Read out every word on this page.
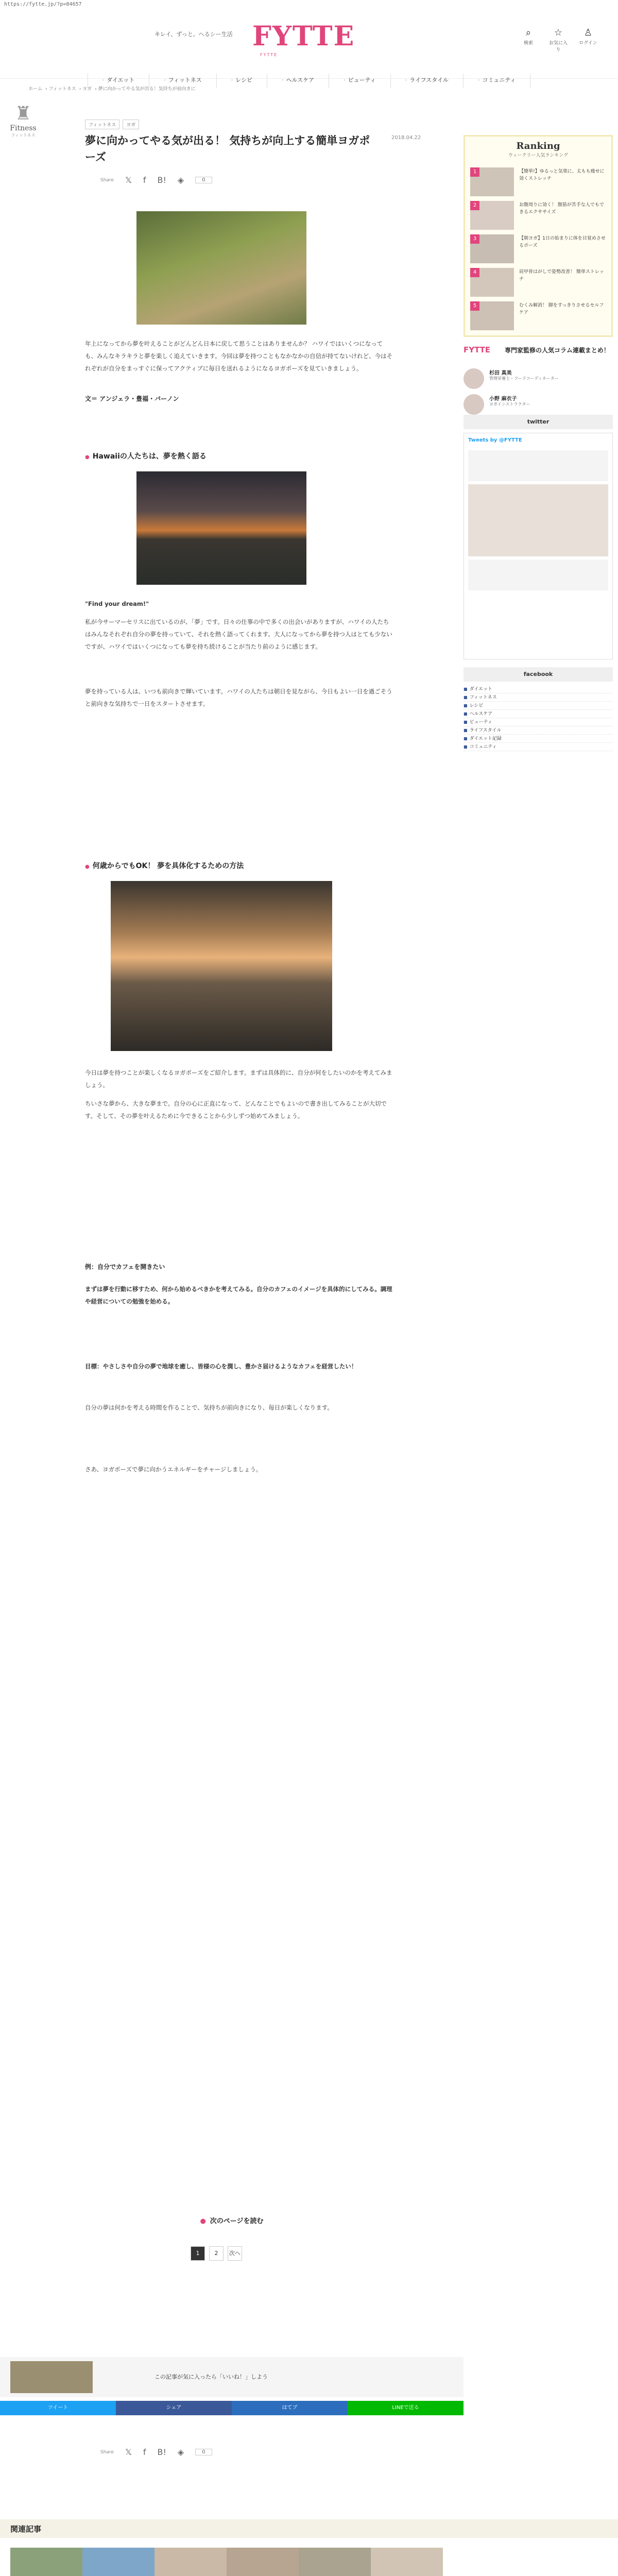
https://fytte.jp/?p=84657
キレイ、ずっと。へるシー生活 FYTTE
FYTTE
⌕
検索
☆
お気に入り
♙
ログイン
· ダイエット	· フィットネス	· レシピ	· ヘルスケア	· ビューティ	· ライフスタイル	· コミュニティ
ホーム › フィットネス › ヨガ › 夢に向かってやる気が出る！気持ちが前向きに
♜
Fitness
フィットネス
フィットネス	ヨガ
夢に向かってやる気が出る！ 気持ちが向上する簡単ヨガポーズ
2018.04.22
Share 𝕏 f B! ◈	0
年上になってから夢を叶えることがどんどん日本に戻して思うことはありませんか？ ハワイではいくつになっても、みんなキラキラと夢を楽しく追えていきます。今回は夢を持つこともなかなかの自信が持てないけれど、今はそれぞれが自分をまっすぐに保ってアクティブに毎日を送れるようになるヨガポーズを見ていきましょう。
文＝ アンジェラ・豊福・バーノン
● Hawaiiの人たちは、夢を熱く語る
"Find your dream!"
私が今サーマーセリスに出ているのが、「夢」です。日々の仕事の中で多くの出会いがありますが、ハワイの人たちはみんなそれぞれ自分の夢を持っていて、それを熱く語ってくれます。大人になってから夢を持つ人はとても少ないですが、ハワイではいくつになっても夢を持ち続けることが当たり前のように感じます。
夢を持っている人は、いつも前向きで輝いています。ハワイの人たちは朝日を見ながら、今日もよい一日を過ごそうと前向きな気持ちで一日をスタートさせます。
● 何歳からでもOK！ 夢を具体化するための方法
今日は夢を持つことが楽しくなるヨガポーズをご紹介します。まずは具体的に、自分が何をしたいのかを考えてみましょう。
ちいさな夢から、大きな夢まで。自分の心に正直になって、どんなことでもよいので書き出してみることが大切です。そして、その夢を叶えるために今できることから少しずつ始めてみましょう。
例：自分でカフェを開きたい
まずは夢を行動に移すため、何から始めるべきかを考えてみる。自分のカフェのイメージを具体的にしてみる。調理や経営についての勉強を始める。
目標：やさしさや自分の夢で地球を癒し、皆様の心を潤し、豊かさ届けるようなカフェを経営したい！
自分の夢は何かを考える時間を作ることで、気持ちが前向きになり、毎日が楽しくなります。
さあ、ヨガポーズで夢に向かうエネルギーをチャージしましょう。
● 次のページを読む
1	2	次へ
この記事が気に入ったら「いいね！」しよう
ツイート	シェア	はてブ	LINEで送る
Share 𝕏 f B! ◈	0
Ranking
ウィークリー人気ランキング
1	【簡単!】ゆるっと気楽に、太もも痩せに効くストレッチ
2	お腹周りに効く！ 腹筋が苦手な人でもできるエクササイズ
3	【朝ヨガ】1日の始まりに体を目覚めさせるポーズ
4	肩甲骨はがしで姿勢改善！ 簡単ストレッチ
5	むくみ解消！ 脚をすっきりさせるセルフケア
FYTTE 専門家監修の人気コラム連載まとめ！
杉田 真美
管理栄養士・フードコーディネーター
小野 麻衣子
ヨガインストラクター
twitter
Tweets by @FYTTE
facebook
■ ダイエット
■ フィットネス
■ レシピ
■ ヘルスケア
■ ビューティ
■ ライフスタイル
■ ダイエット記録
■ コミュニティ
関連記事
